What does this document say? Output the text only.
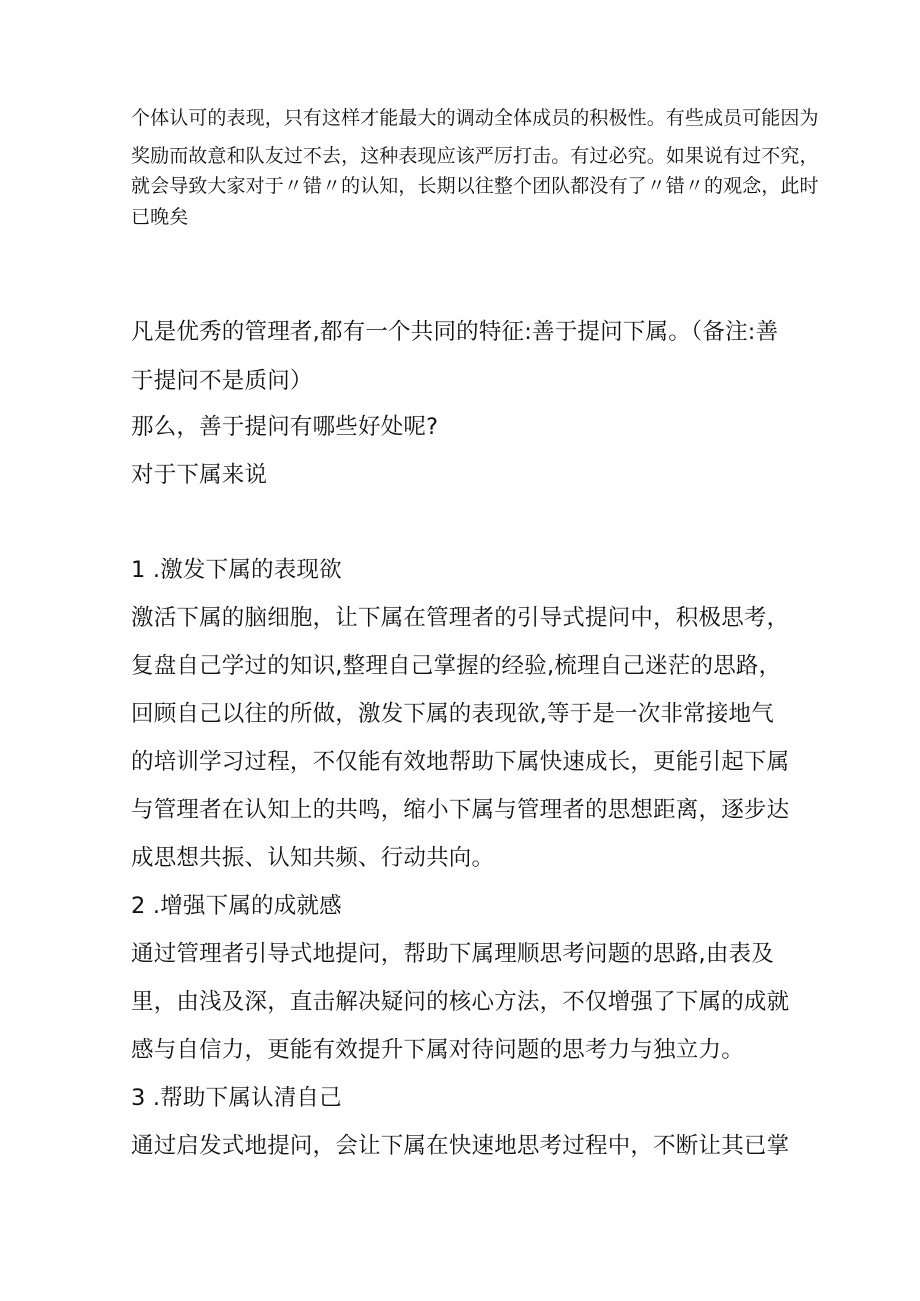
个体认可的表现，只有这样才能最大的调动全体成员的积极性。有些成员可能因为

奖励而故意和队友过不去，这种表现应该严厉打击。有过必究。如果说有过不究，

就会导致大家对于〃错〃的认知，长期以往整个团队都没有了〃错〃的观念，此时

已晚矣

凡是优秀的管理者,都有一个共同的特征:善于提问下属。（备注:善

于提问不是质问）

那么，善于提问有哪些好处呢?

对于下属来说

1 .激发下属的表现欲

激活下属的脑细胞，让下属在管理者的引导式提问中，积极思考，

复盘自己学过的知识,整理自己掌握的经验,梳理自己迷茫的思路，

回顾自己以往的所做，激发下属的表现欲,等于是一次非常接地气

的培训学习过程，不仅能有效地帮助下属快速成长，更能引起下属

与管理者在认知上的共鸣，缩小下属与管理者的思想距离，逐步达

成思想共振、认知共频、行动共向。

2 .增强下属的成就感

通过管理者引导式地提问，帮助下属理顺思考问题的思路,由表及

里，由浅及深，直击解决疑问的核心方法，不仅增强了下属的成就

感与自信力，更能有效提升下属对待问题的思考力与独立力。

3 .帮助下属认清自己

通过启发式地提问，会让下属在快速地思考过程中，不断让其已掌
